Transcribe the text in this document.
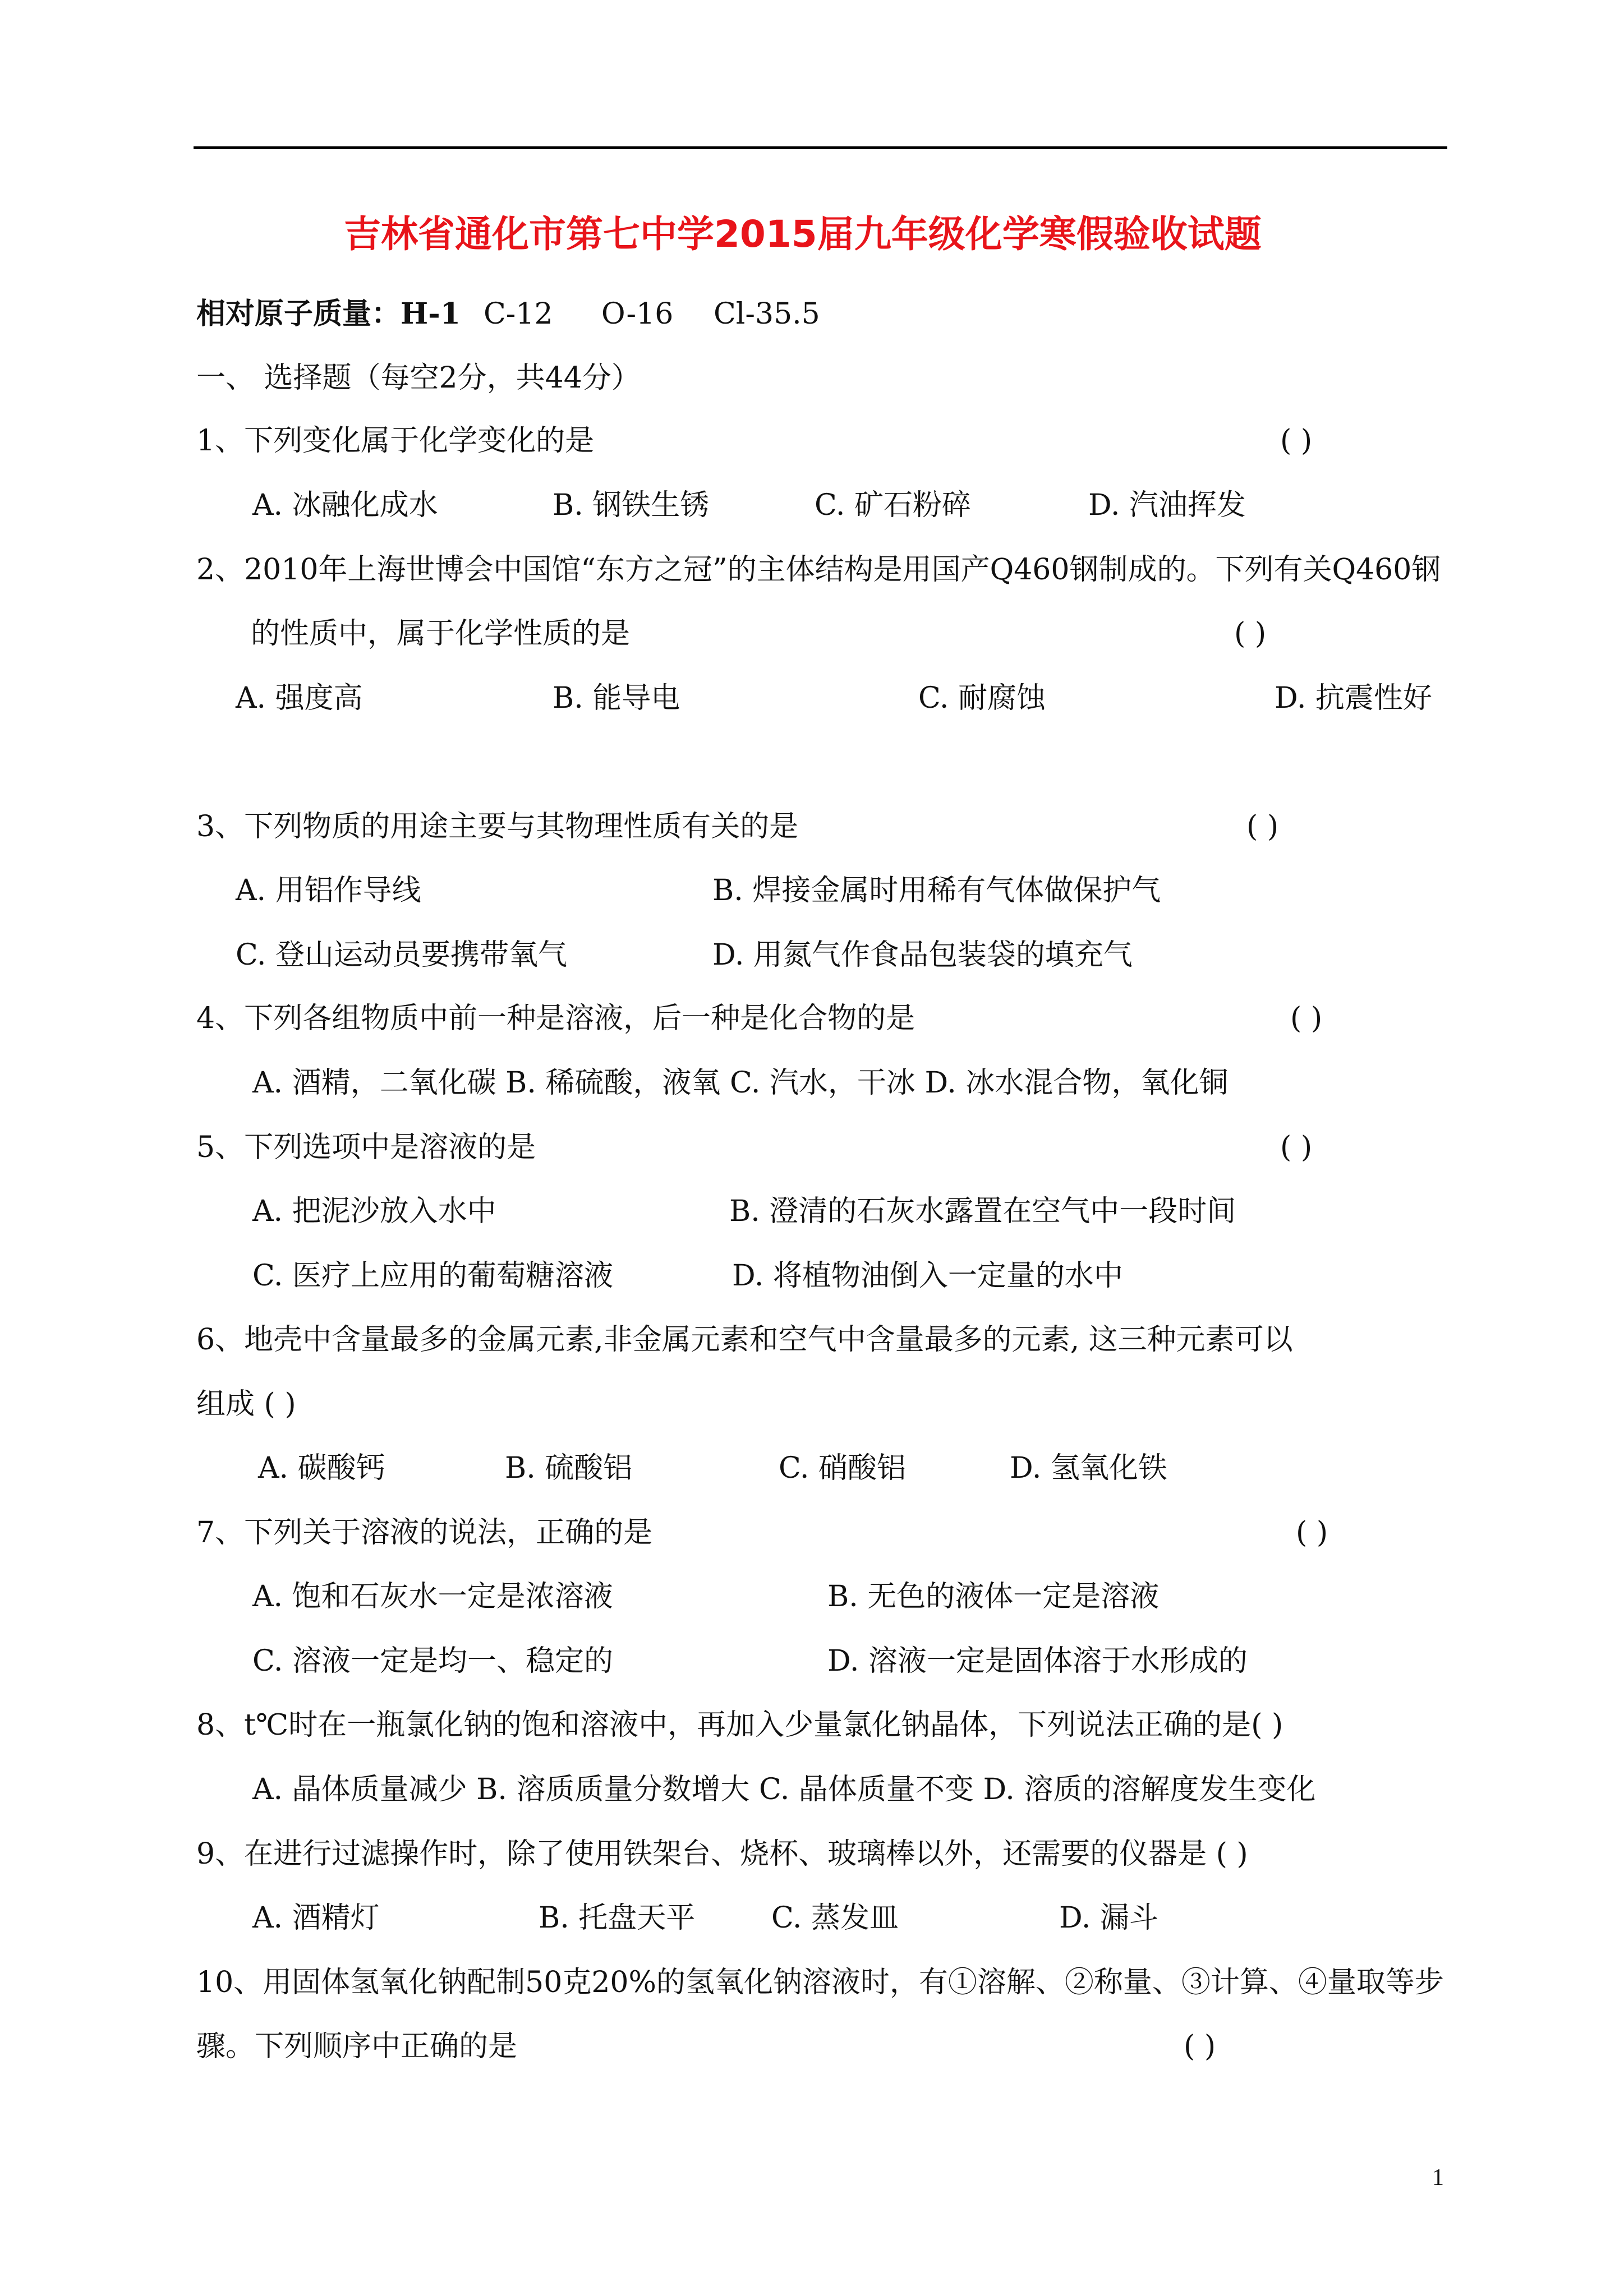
吉林省通化市第七中学2015届九年级化学寒假验收试题
相对原子质量：H-1 C-12 O-16 Cl-35.5
一、 选择题（每空2分，共44分）
1、下列变化属于化学变化的是	( )
A. 冰融化成水	B. 钢铁生锈	C. 矿石粉碎	D. 汽油挥发
2、2010年上海世博会中国馆“东方之冠”的主体结构是用国产Q460钢制成的。下列有关Q460钢
的性质中，属于化学性质的是	( )
A. 强度高	B. 能导电	C. 耐腐蚀	D. 抗震性好
3、下列物质的用途主要与其物理性质有关的是	( )
A. 用铝作导线	B. 焊接金属时用稀有气体做保护气
C. 登山运动员要携带氧气	D. 用氮气作食品包装袋的填充气
4、下列各组物质中前一种是溶液，后一种是化合物的是	( )
A. 酒精，二氧化碳 B. 稀硫酸，液氧 C. 汽水，干冰 D. 冰水混合物，氧化铜
5、下列选项中是溶液的是	( )
A. 把泥沙放入水中	B. 澄清的石灰水露置在空气中一段时间
C. 医疗上应用的葡萄糖溶液	D. 将植物油倒入一定量的水中
6、地壳中含量最多的金属元素,非金属元素和空气中含量最多的元素, 这三种元素可以
组成 ( )
A. 碳酸钙	B. 硫酸铝	C. 硝酸铝	D. 氢氧化铁
7、下列关于溶液的说法，正确的是	( )
A. 饱和石灰水一定是浓溶液	B. 无色的液体一定是溶液
C. 溶液一定是均一、稳定的	D. 溶液一定是固体溶于水形成的
8、t℃时在一瓶氯化钠的饱和溶液中，再加入少量氯化钠晶体，下列说法正确的是( )
A. 晶体质量减少 B. 溶质质量分数增大 C. 晶体质量不变 D. 溶质的溶解度发生变化
9、在进行过滤操作时，除了使用铁架台、烧杯、玻璃棒以外，还需要的仪器是 ( )
A. 酒精灯	B. 托盘天平	C. 蒸发皿	D. 漏斗
10、用固体氢氧化钠配制50克20%的氢氧化钠溶液时，有①溶解、②称量、③计算、④量取等步
骤。下列顺序中正确的是	( )
1
